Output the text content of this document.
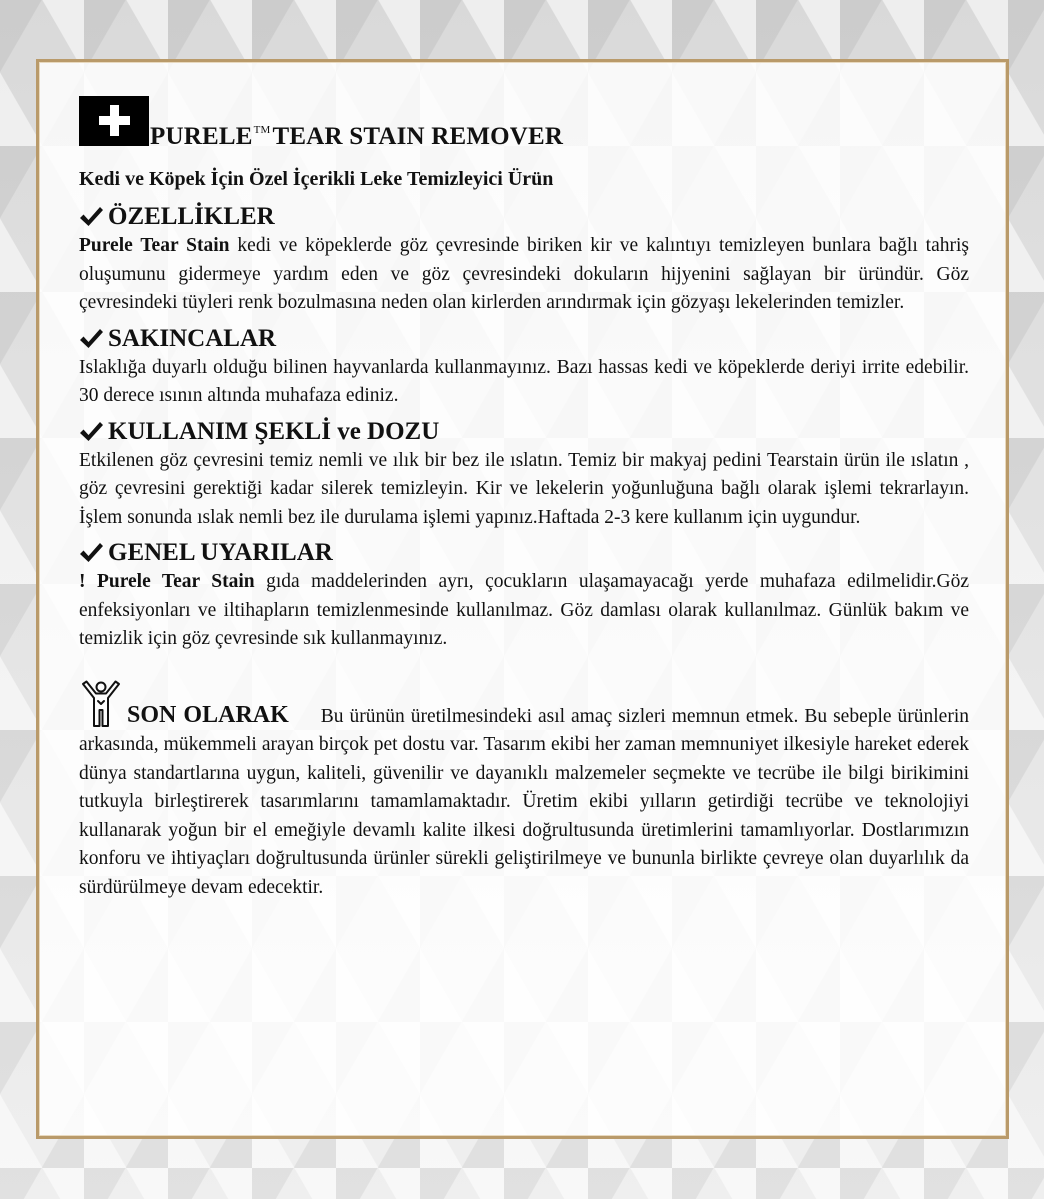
PURELE™TEAR STAIN REMOVER
Kedi ve Köpek İçin Özel İçerikli Leke Temizleyici Ürün
ÖZELLİKLER

Purele Tear Stain kedi ve köpeklerde göz çevresinde biriken kir ve kalıntıyı temizleyen bunlara bağlı tahriş oluşumunu gidermeye yardım eden ve göz çevresindeki dokuların hijyenini sağlayan bir üründür. Göz çevresindeki tüyleri renk bozulmasına neden olan kirlerden arındırmak için gözyaşı lekelerinden temizler.

SAKINCALAR

Islaklığa duyarlı olduğu bilinen hayvanlarda kullanmayınız. Bazı hassas kedi ve köpeklerde deriyi irrite edebilir. 30 derece ısının altında muhafaza ediniz.

KULLANIM ŞEKLİ ve DOZU

Etkilenen göz çevresini temiz nemli ve ılık bir bez ile ıslatın. Temiz bir makyaj pedini Tearstain ürün ile ıslatın , göz çevresini gerektiği kadar silerek temizleyin. Kir ve lekelerin yoğunluğuna bağlı olarak işlemi tekrarlayın. İşlem sonunda ıslak nemli bez ile durulama işlemi yapınız.Haftada 2-3 kere kullanım için uygundur.

GENEL UYARILAR

! Purele Tear Stain gıda maddelerinden ayrı, çocukların ulaşamayacağı yerde muhafaza edilmelidir.Göz enfeksiyonları ve iltihapların temizlenmesinde kullanılmaz. Göz damlası olarak kullanılmaz. Günlük bakım ve temizlik için göz çevresinde sık kullanmayınız.

SON OLARAK Bu ürünün üretilmesindeki asıl amaç sizleri memnun etmek. Bu sebeple ürünlerin arkasında, mükemmeli arayan birçok pet dostu var. Tasarım ekibi her zaman memnuniyet ilkesiyle hareket ederek dünya standartlarına uygun, kaliteli, güvenilir ve dayanıklı malzemeler seçmekte ve tecrübe ile bilgi birikimini tutkuyla birleştirerek tasarımlarını tamamlamaktadır. Üretim ekibi yılların getirdiği tecrübe ve teknolojiyi kullanarak yoğun bir el emeğiyle devamlı kalite ilkesi doğrultusunda üretimlerini tamamlıyorlar. Dostlarımızın konforu ve ihtiyaçları doğrultusunda ürünler sürekli geliştirilmeye ve bununla birlikte çevreye olan duyarlılık da sürdürülmeye devam edecektir.
